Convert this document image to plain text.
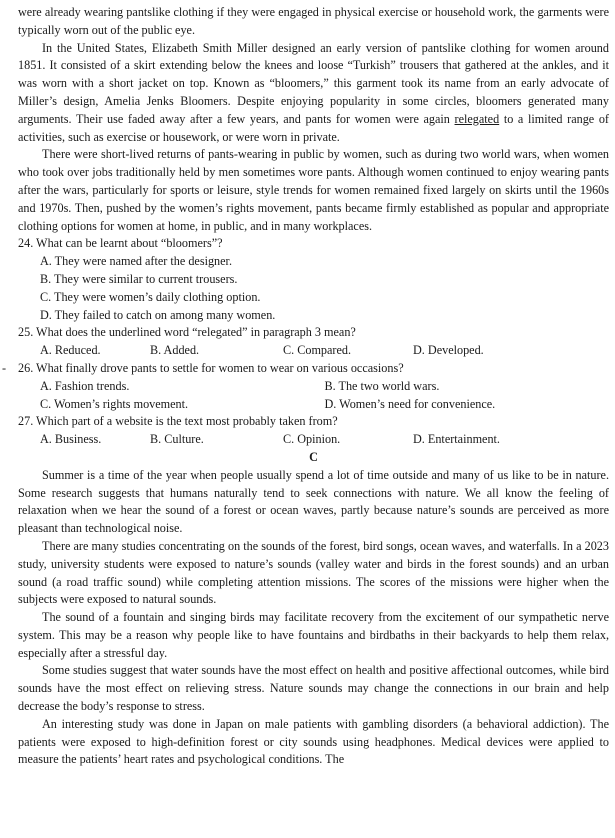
were already wearing pantslike clothing if they were engaged in physical exercise or household work, the garments were typically worn out of the public eye.

In the United States, Elizabeth Smith Miller designed an early version of pantslike clothing for women around 1851. It consisted of a skirt extending below the knees and loose “Turkish” trousers that gathered at the ankles, and it was worn with a short jacket on top. Known as “bloomers,” this garment took its name from an early advocate of Miller’s design, Amelia Jenks Bloomers. Despite enjoying popularity in some circles, bloomers generated many arguments. Their use faded away after a few years, and pants for women were again relegated to a limited range of activities, such as exercise or housework, or were worn in private.

There were short-lived returns of pants-wearing in public by women, such as during two world wars, when women who took over jobs traditionally held by men sometimes wore pants. Although women continued to enjoy wearing pants after the wars, particularly for sports or leisure, style trends for women remained fixed largely on skirts until the 1960s and 1970s. Then, pushed by the women’s rights movement, pants became firmly established as popular and appropriate clothing options for women at home, in public, and in many workplaces.

24. What can be learnt about “bloomers”?

A. They were named after the designer.
B. They were similar to current trousers.
C. They were women’s daily clothing option.
D. They failed to catch on among many women.

25. What does the underlined word “relegated” in paragraph 3 mean?

A. Reduced.	B. Added.	C. Compared.	D. Developed.
- 26. What finally drove pants to settle for women to wear on various occasions?

A. Fashion trends.	B. The two world wars.
C. Women’s rights movement.	D. Women’s need for convenience.

27. Which part of a website is the text most probably taken from?

A. Business.	B. Culture.	C. Opinion.	D. Entertainment.

C

Summer is a time of the year when people usually spend a lot of time outside and many of us like to be in nature. Some research suggests that humans naturally tend to seek connections with nature. We all know the feeling of relaxation when we hear the sound of a forest or ocean waves, partly because nature’s sounds are perceived as more pleasant than technological noise.

There are many studies concentrating on the sounds of the forest, bird songs, ocean waves, and waterfalls. In a 2023 study, university students were exposed to nature’s sounds (valley water and birds in the forest sounds) and an urban sound (a road traffic sound) while completing attention missions. The scores of the missions were higher when the subjects were exposed to natural sounds.

The sound of a fountain and singing birds may facilitate recovery from the excitement of our sympathetic nerve system. This may be a reason why people like to have fountains and birdbaths in their backyards to help them relax, especially after a stressful day.

Some studies suggest that water sounds have the most effect on health and positive affectional outcomes, while bird sounds have the most effect on relieving stress. Nature sounds may change the connections in our brain and help decrease the body’s response to stress.

An interesting study was done in Japan on male patients with gambling disorders (a behavioral addiction). The patients were exposed to high-definition forest or city sounds using headphones. Medical devices were applied to measure the patients’ heart rates and psychological conditions. The
